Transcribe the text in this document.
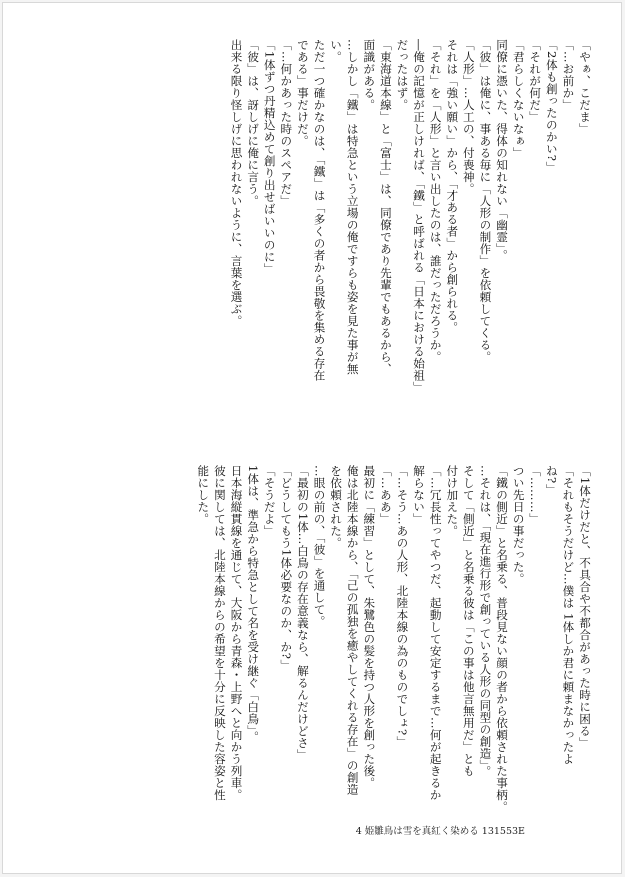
「やぁ、こだま」
「…お前か」
「2体も創ったのかい?」
「それが何だ」
「君らしくないなぁ」
同僚に憑いた、得体の知れない「幽霊」。
「彼」は俺に、事ある毎に「人形の制作」を依頼してくる。
「人形」…人工の、付喪神。
それは「強い願い」から、「才ある者」から創られる。
「それ」を「人形」と言い出したのは、誰だっただろうか。
―俺の記憶が正しければ、「鐵」と呼ばれる「日本における始祖」
だったはず。
「東海道本線」と「富士」は、同僚であり先輩でもあるから、
面識がある。
…しかし「鐵」は特急という立場の俺ですらも姿を見た事が無
い。
ただ一つ確かなのは、「鐵」は「多くの者から畏敬を集める存在
である」事だけだ。
「…何かあった時のスペアだ」
「1体ずつ丹精込めて創り出せばいいのに」
「彼」は、訝しげに俺に言う。
出来る限り怪しげに思われないように、言葉を選ぶ。
「1体だけだと、不具合や不都合があった時に困る」
「それもそうだけど…僕は 1体しか君に頼まなかったよ
ね?」
「………」
つい先日の事だった。
「鐵の側近」と名乗る、普段見ない顔の者から依頼された事柄。
…それは、「現在進行形で創っている人形の同型の創造」。
そして「側近」と名乗る彼は「この事は他言無用だ」とも
付け加えた。
「…冗長性ってやつだ、起動して安定するまで…何が起きるか
解らない」
「…そう…あの人形、北陸本線の為のものでしょ?」
「…ああ」
最初に「練習」として、朱鷺色の髪を持つ人形を創った後。
俺は北陸本線から、「己の孤独を癒やしてくれる存在」の創造
を依頼された。
…眼の前の、「彼」を通して。
「最初の1体…白鳥の存在意義なら、解るんだけどさ」
「どうしてもう1体必要なのか、か?」
「そうだよ」
1体は、準急から特急として名を受け継ぐ「白鳥」。
日本海縦貫線を通じて、大阪から青森・上野へと向かう列車。
彼に関しては、北陸本線からの希望を十分に反映した容姿と性
能にした。
4 姫雛鳥は雪を真紅く染める 131553E
